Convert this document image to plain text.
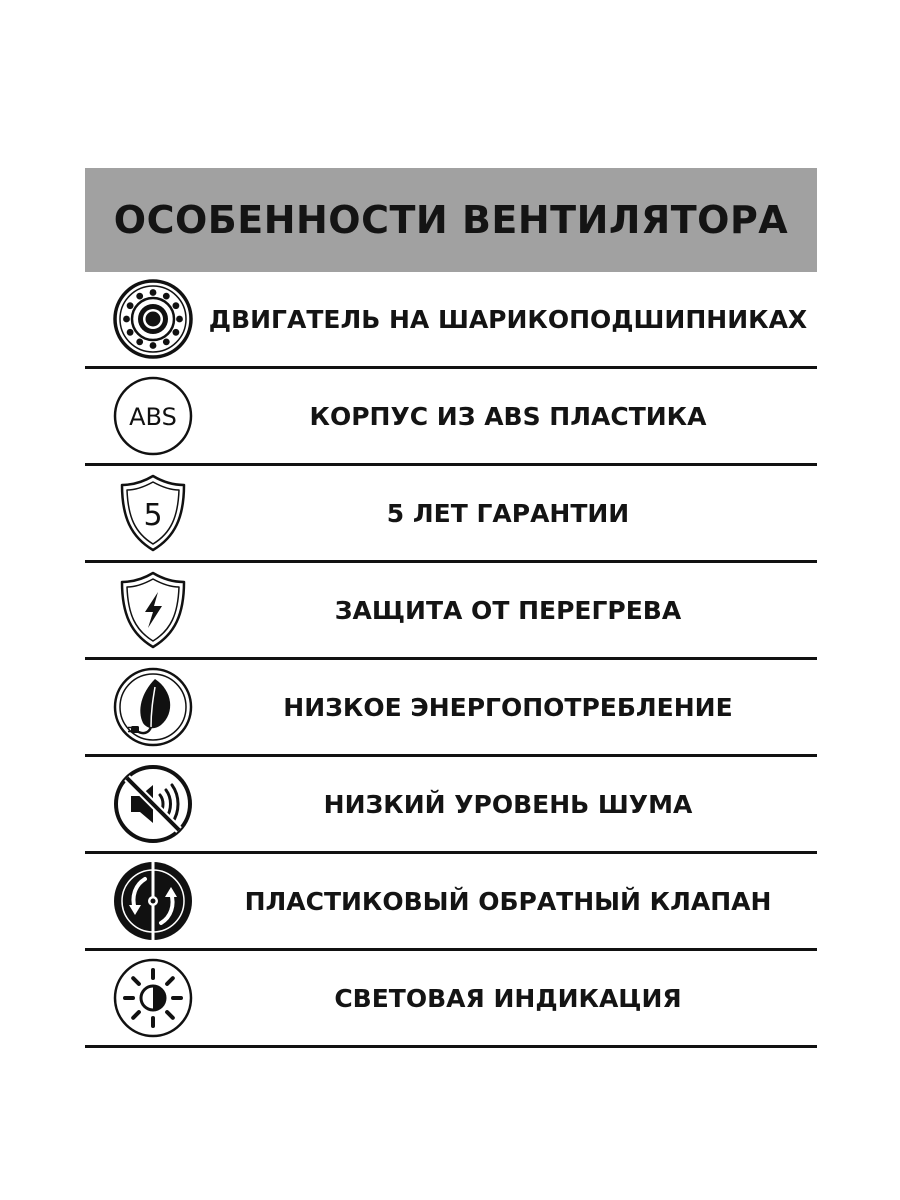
ОСОБЕННОСТИ ВЕНТИЛЯТОРА
ДВИГАТЕЛЬ НА ШАРИКОПОДШИПНИКАХ
ABS	КОРПУС ИЗ ABS ПЛАСТИКА
5	5 ЛЕТ ГАРАНТИИ
ЗАЩИТА ОТ ПЕРЕГРЕВА
НИЗКОЕ ЭНЕРГОПОТРЕБЛЕНИЕ
НИЗКИЙ УРОВЕНЬ ШУМА
ПЛАСТИКОВЫЙ ОБРАТНЫЙ КЛАПАН
СВЕТОВАЯ ИНДИКАЦИЯ
